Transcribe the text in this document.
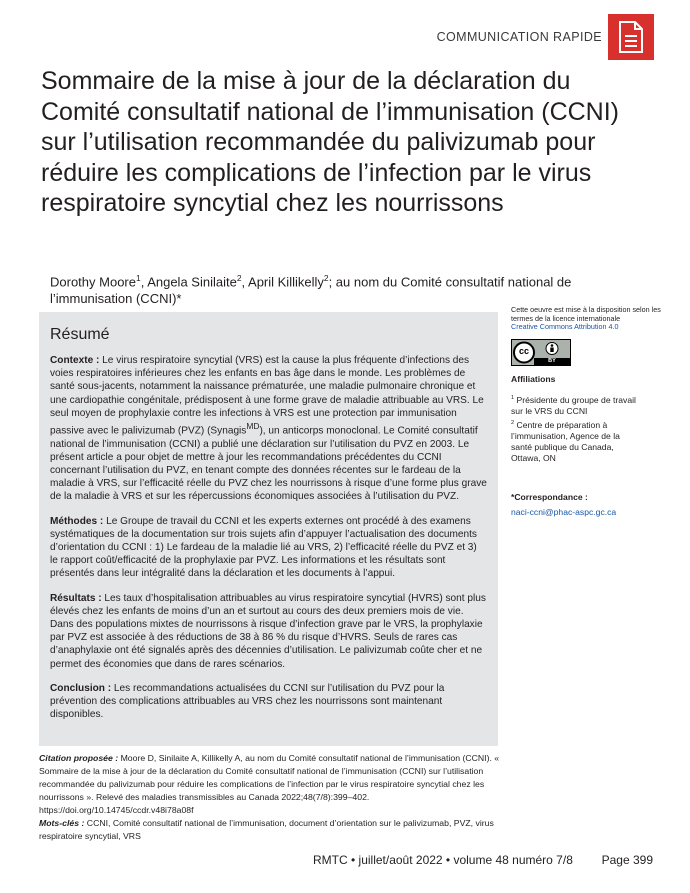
COMMUNICATION RAPIDE
Sommaire de la mise à jour de la déclaration du Comité consultatif national de l’immunisation (CCNI) sur l’utilisation recommandée du palivizumab pour réduire les complications de l’infection par le virus respiratoire syncytial chez les nourrissons
Dorothy Moore$^1$, Angela Sinilaite$^2$, April Killikelly$^2$; au nom du Comité consultatif national de l’immunisation (CCNI)*
Résumé

Contexte : Le virus respiratoire syncytial (VRS) est la cause la plus fréquente d’infections des voies respiratoires inférieures chez les enfants en bas âge dans le monde. Les problèmes de santé sous-jacents, notamment la naissance prématurée, une maladie pulmonaire chronique et une cardiopathie congénitale, prédisposent à une forme grave de maladie attribuable au VRS. Le seul moyen de prophylaxie contre les infections à VRS est une protection par immunisation passive avec le palivizumab (PVZ) (Synagis$^{MD}$), un anticorps monoclonal. Le Comité consultatif national de l’immunisation (CCNI) a publié une déclaration sur l’utilisation du PVZ en 2003. Le présent article a pour objet de mettre à jour les recommandations précédentes du CCNI concernant l’utilisation du PVZ, en tenant compte des données récentes sur le fardeau de la maladie à VRS, sur l’efficacité réelle du PVZ chez les nourrissons à risque d’une forme plus grave de la maladie à VRS et sur les répercussions économiques associées à l’utilisation du PVZ.

Méthodes : Le Groupe de travail du CCNI et les experts externes ont procédé à des examens systématiques de la documentation sur trois sujets afin d’appuyer l’actualisation des documents d’orientation du CCNI : 1) Le fardeau de la maladie lié au VRS, 2) l’efficacité réelle du PVZ et 3) le rapport coût/efficacité de la prophylaxie par PVZ. Les informations et les résultats sont présentés dans leur intégralité dans la déclaration et les documents à l’appui.

Résultats : Les taux d’hospitalisation attribuables au virus respiratoire syncytial (HVRS) sont plus élevés chez les enfants de moins d’un an et surtout au cours des deux premiers mois de vie. Dans des populations mixtes de nourrissons à risque d’infection grave par le VRS, la prophylaxie par PVZ est associée à des réductions de 38 à 86 % du risque d’HVRS. Seuls de rares cas d’anaphylaxie ont été signalés après des décennies d’utilisation. Le palivizumab coûte cher et ne permet des économies que dans de rares scénarios.

Conclusion : Les recommandations actualisées du CCNI sur l’utilisation du PVZ pour la prévention des complications attribuables au VRS chez les nourrissons sont maintenant disponibles.

Cette oeuvre est mise à la disposition selon les termes de la licence internationale
Creative Commons Attribution 4.0
cc
BY
Affiliations
$^1$ Présidente du groupe de travail sur le VRS du CCNI
$^2$ Centre de préparation à l’immunisation, Agence de la santé publique du Canada, Ottawa, ON
*Correspondance :
naci-ccni@phac-aspc.gc.ca

Citation proposée : Moore D, Sinilaite A, Killikelly A, au nom du Comité consultatif national de l’immunisation (CCNI). « Sommaire de la mise à jour de la déclaration du Comité consultatif national de l’immunisation (CCNI) sur l’utilisation recommandée du palivizumab pour réduire les complications de l’infection par le virus respiratoire syncytial chez les nourrissons ». Relevé des maladies transmissibles au Canada 2022;48(7/8):399–402. https://doi.org/10.14745/ccdr.v48i78a08f

Mots-clés : CCNI, Comité consultatif national de l’immunisation, document d’orientation sur le palivizumab, PVZ, virus respiratoire syncytial, VRS

RMTC • juillet/août 2022 • volume 48 numéro 7/8 Page 399
